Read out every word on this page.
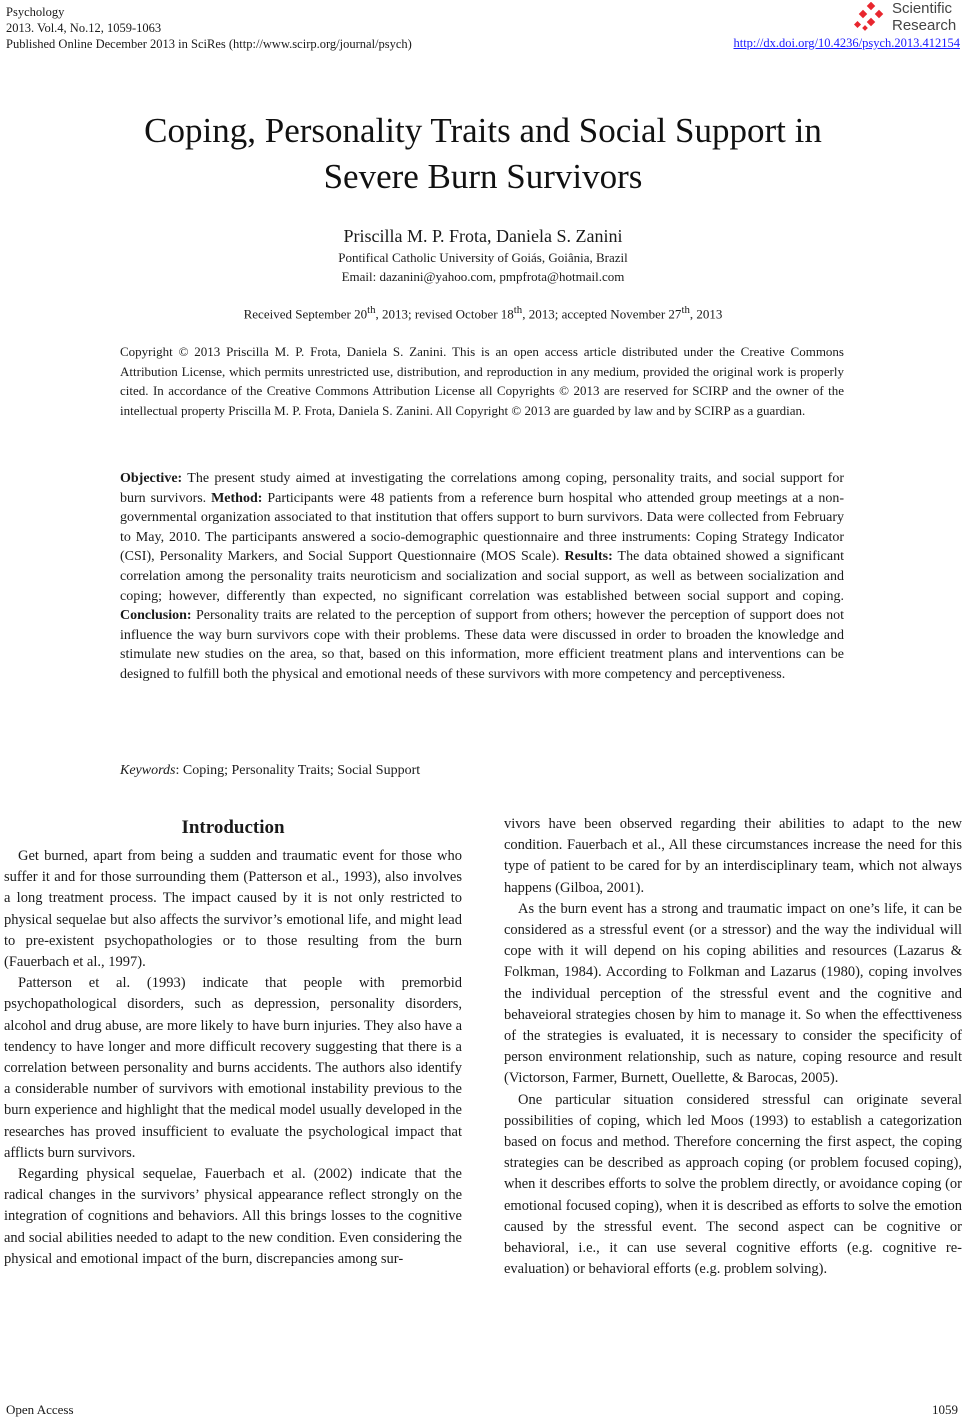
Psychology
2013. Vol.4, No.12, 1059-1063
Published Online December 2013 in SciRes (http://www.scirp.org/journal/psych)
Scientific
Research
http://dx.doi.org/10.4236/psych.2013.412154
Coping, Personality Traits and Social Support in
Severe Burn Survivors
Priscilla M. P. Frota, Daniela S. Zanini
Pontifical Catholic University of Goiás, Goiânia, Brazil
Email: dazanini@yahoo.com, pmpfrota@hotmail.com
Received September 20th, 2013; revised October 18th, 2013; accepted November 27th, 2013
Copyright © 2013 Priscilla M. P. Frota, Daniela S. Zanini. This is an open access article distributed under the Creative Commons Attribution License, which permits unrestricted use, distribution, and reproduction in any medium, provided the original work is properly cited. In accordance of the Creative Commons Attribution License all Copyrights © 2013 are reserved for SCIRP and the owner of the intellectual property Priscilla M. P. Frota, Daniela S. Zanini. All Copyright © 2013 are guarded by law and by SCIRP as a guardian.
Objective: The present study aimed at investigating the correlations among coping, personality traits, and social support for burn survivors. Method: Participants were 48 patients from a reference burn hospital who attended group meetings at a non-governmental organization associated to that institution that offers support to burn survivors. Data were collected from February to May, 2010. The participants answered a socio-demographic questionnaire and three instruments: Coping Strategy Indicator (CSI), Personality Markers, and Social Support Questionnaire (MOS Scale). Results: The data obtained showed a significant correlation among the personality traits neuroticism and socialization and social support, as well as between socialization and coping; however, differently than expected, no significant correlation was established between social support and coping. Conclusion: Personality traits are related to the perception of support from others; however the perception of support does not influence the way burn survivors cope with their problems. These data were discussed in order to broaden the knowledge and stimulate new studies on the area, so that, based on this information, more efficient treatment plans and interventions can be designed to fulfill both the physical and emotional needs of these survivors with more competency and perceptiveness.
Keywords: Coping; Personality Traits; Social Support
Introduction

Get burned, apart from being a sudden and traumatic event for those who suffer it and for those surrounding them (Patterson et al., 1993), also involves a long treatment process. The impact caused by it is not only restricted to physical sequelae but also affects the survivor’s emotional life, and might lead to pre-existent psychopathologies or to those resulting from the burn (Fauerbach et al., 1997).

Patterson et al. (1993) indicate that people with premorbid psychopathological disorders, such as depression, personality disorders, alcohol and drug abuse, are more likely to have burn injuries. They also have a tendency to have longer and more difficult recovery suggesting that there is a correlation between personality and burns accidents. The authors also identify a considerable number of survivors with emotional instability previous to the burn experience and highlight that the medical model usually developed in the researches has proved insufficient to evaluate the psychological impact that afflicts burn survivors.

Regarding physical sequelae, Fauerbach et al. (2002) indicate that the radical changes in the survivors’ physical appearance reflect strongly on the integration of cognitions and behaviors. All this brings losses to the cognitive and social abilities needed to adapt to the new condition. Even considering the physical and emotional impact of the burn, discrepancies among sur-

vivors have been observed regarding their abilities to adapt to the new condition. Fauerbach et al., All these circumstances increase the need for this type of patient to be cared for by an interdisciplinary team, which not always happens (Gilboa, 2001).

As the burn event has a strong and traumatic impact on one’s life, it can be considered as a stressful event (or a stressor) and the way the individual will cope with it will depend on his coping abilities and resources (Lazarus & Folkman, 1984). According to Folkman and Lazarus (1980), coping involves the individual perception of the stressful event and the cognitive and behaveioral strategies chosen by him to manage it. So when the effecttiveness of the strategies is evaluated, it is necessary to consider the specificity of person environment relationship, such as nature, coping resource and result (Victorson, Farmer, Burnett, Ouellette, & Barocas, 2005).

One particular situation considered stressful can originate several possibilities of coping, which led Moos (1993) to establish a categorization based on focus and method. Therefore concerning the first aspect, the coping strategies can be described as approach coping (or problem focused coping), when it describes efforts to solve the problem directly, or avoidance coping (or emotional focused coping), when it is described as efforts to solve the emotion caused by the stressful event. The second aspect can be cognitive or behavioral, i.e., it can use several cognitive efforts (e.g. cognitive re-evaluation) or behavioral efforts (e.g. problem solving).

Open Access	1059
